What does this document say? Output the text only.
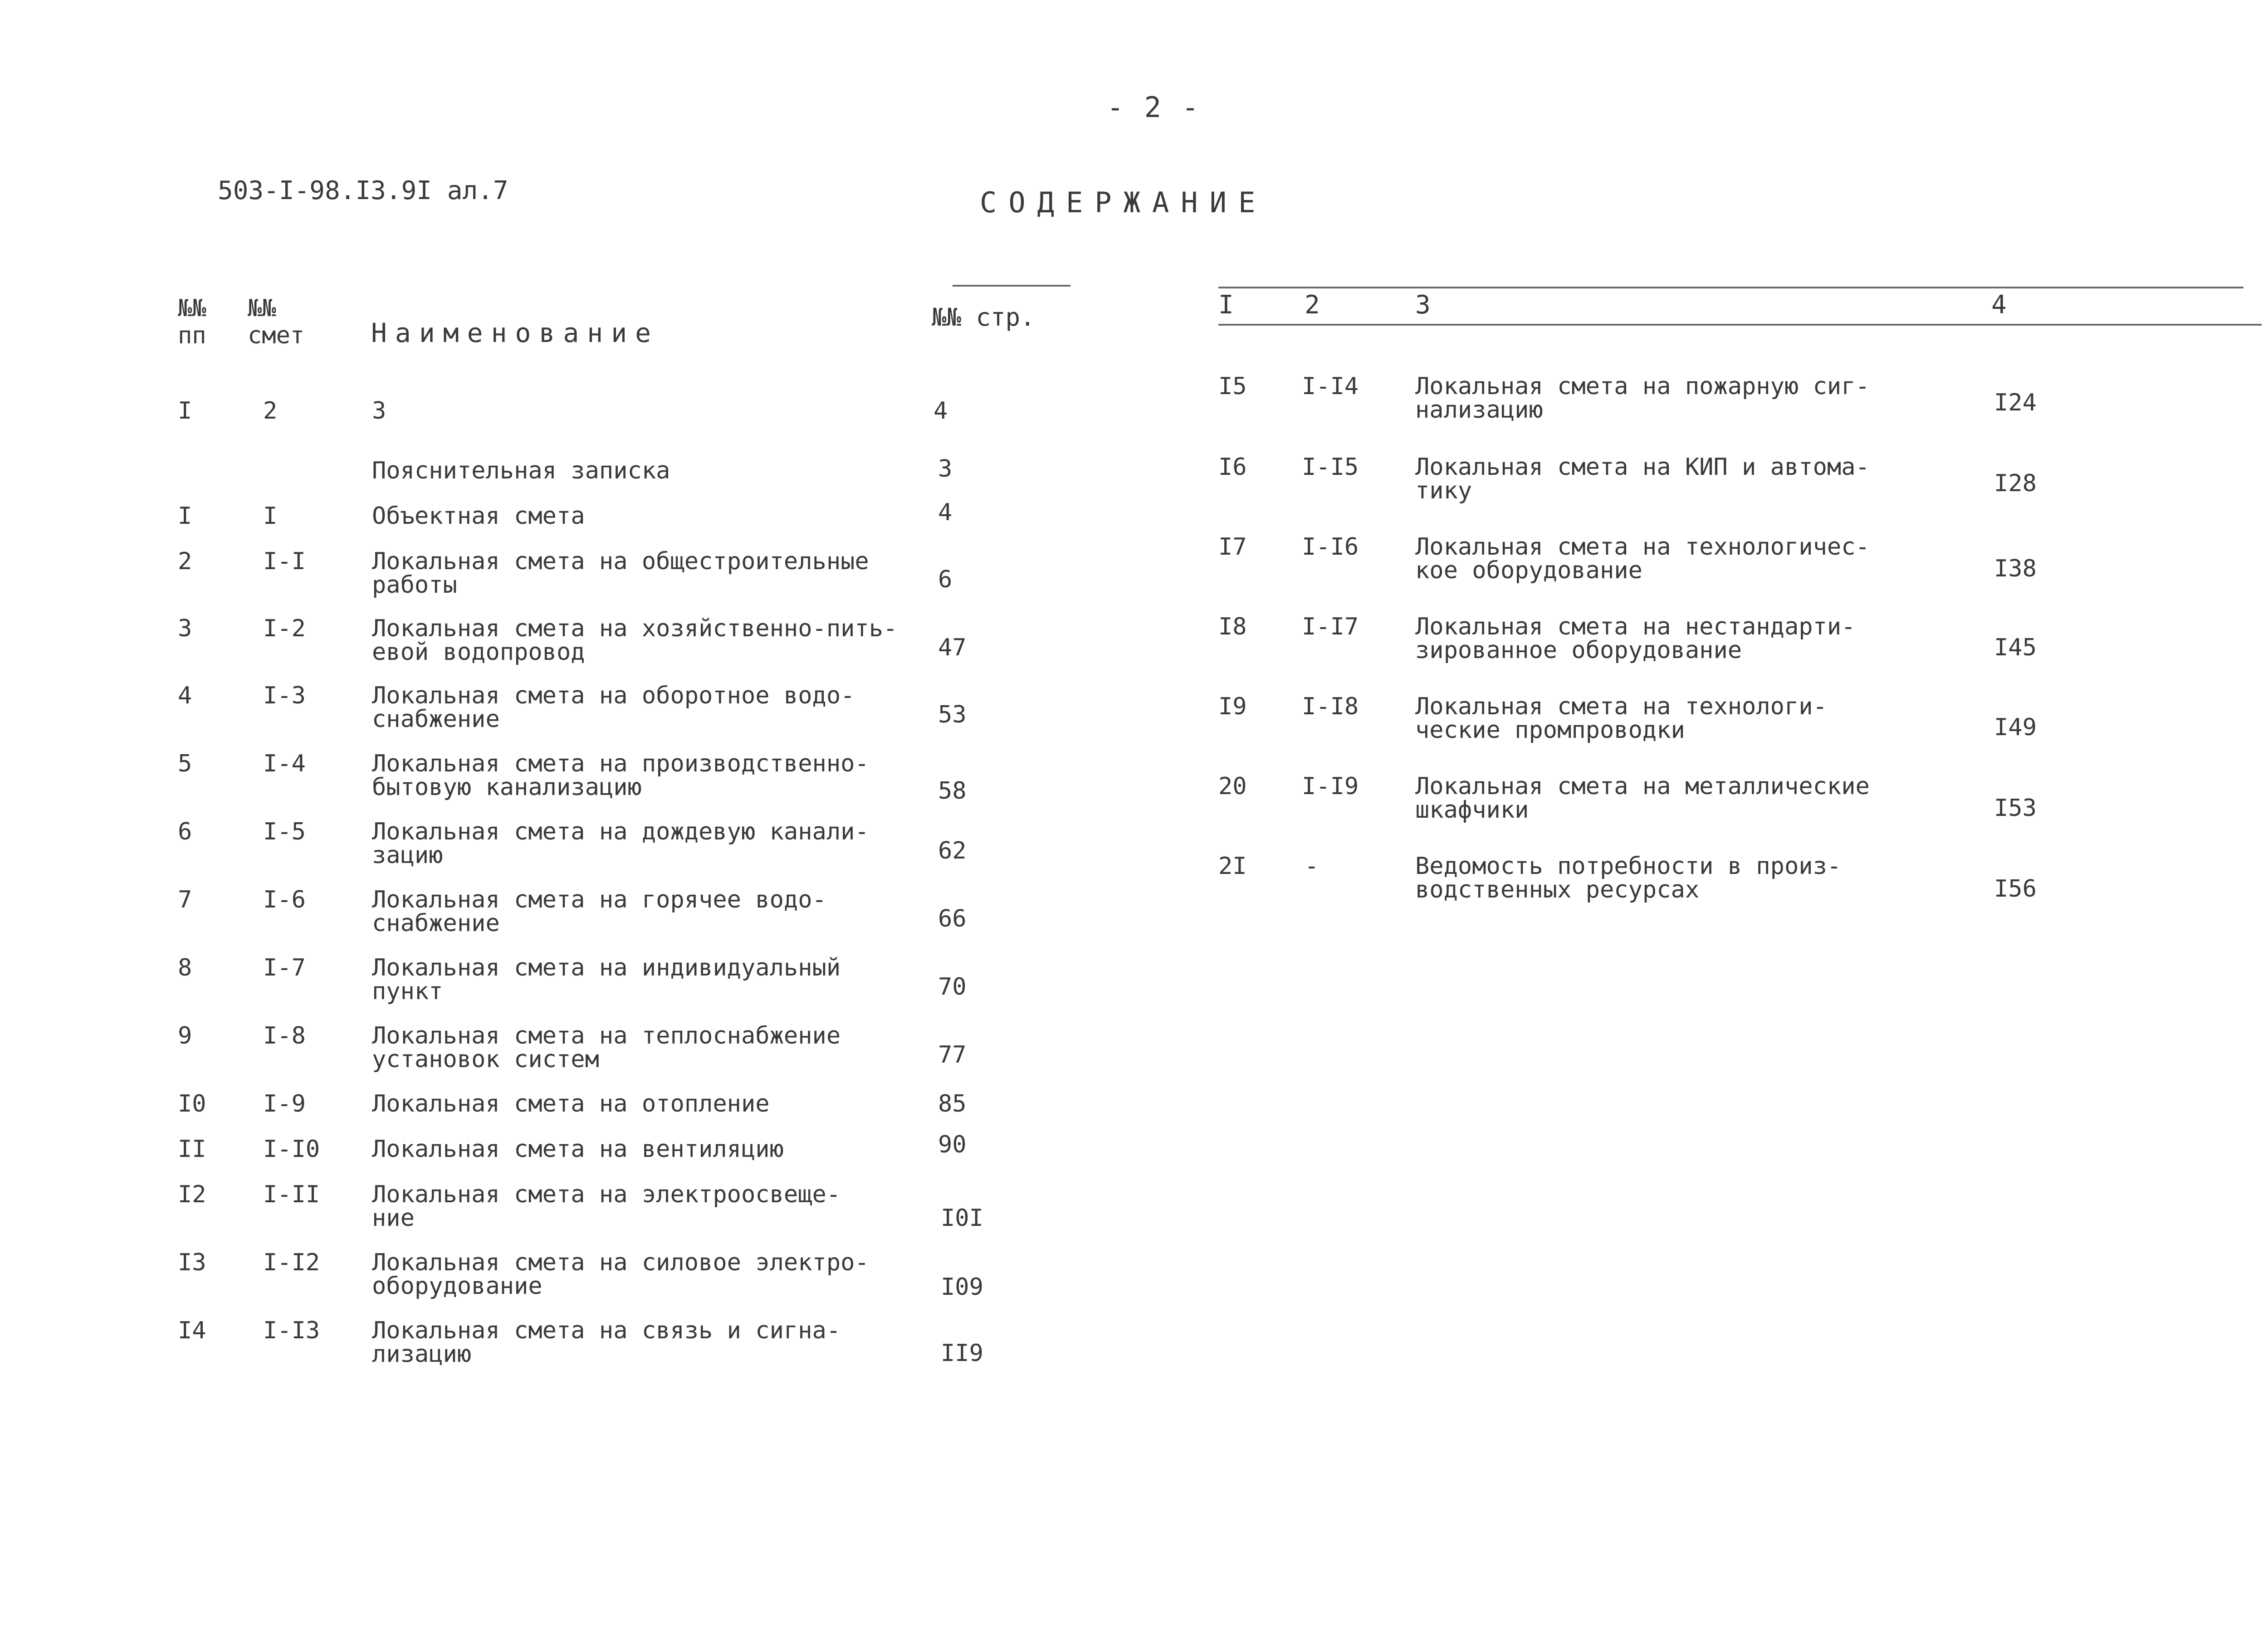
- 2 -
503-I-98.I3.9I ал.7	СОДЕРЖАНИЕ
№№
пп
№№
смет	Наименование
№№ стр.
I	2	3	4
Пояснительная записка	3
I	I	Объектная смета	4
2	I-I	Локальная смета на общестроительные
работы	6
3	I-2	Локальная смета на хозяйственно-пить-
евой водопровод	47
4	I-3	Локальная смета на оборотное водо-
снабжение	53
5	I-4	Локальная смета на производственно-
бытовую канализацию	58
6	I-5	Локальная смета на дождевую канали-
зацию	62
7	I-6	Локальная смета на горячее водо-
снабжение	66
8	I-7	Локальная смета на индивидуальный
пункт	70
9	I-8	Локальная смета на теплоснабжение
установок систем	77
I0 I-9	Локальная смета на отопление	85
II I-I0 Локальная смета на вентиляцию	90
I2 I-II Локальная смета на электроосвеще-
ние	I0I
I3 I-I2 Локальная смета на силовое электро-
оборудование	I09
I4 I-I3 Локальная смета на связь и сигна-
лизацию	II9
I	2	3	4
I5 I-I4 Локальная смета на пожарную сиг-
нализацию	I24
I6 I-I5 Локальная смета на КИП и автома-
тику	I28
I7 I-I6 Локальная смета на технологичес-
кое оборудование	I38
I8 I-I7 Локальная смета на нестандарти-
зированное оборудование	I45
I9 I-I8 Локальная смета на технологи-
ческие промпроводки	I49
20 I-I9 Локальная смета на металлические
шкафчики	I53
2I -	Ведомость потребности в произ-
водственных ресурсах	I56
